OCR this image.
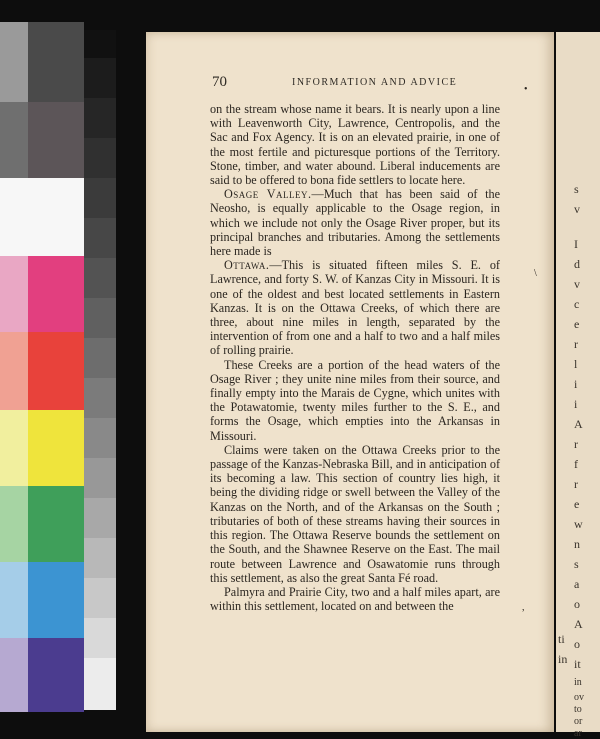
70	INFORMATION AND ADVICE

on the stream whose name it bears. It is nearly upon a line with Leavenworth City, Lawrence, Centropolis, and the Sac and Fox Agency. It is on an elevated prairie, in one of the most fertile and picturesque portions of the Territory. Stone, timber, and water abound. Liberal inducements are said to be offered to bona fide settlers to locate here.

Osage Valley.—Much that has been said of the Neosho, is equally applicable to the Osage region, in which we include not only the Osage River proper, but its principal branches and tributaries. Among the settlements here made is

Ottawa.—This is situated fifteen miles S. E. of Lawrence, and forty S. W. of Kanzas City in Missouri. It is one of the oldest and best located settlements in Eastern Kanzas. It is on the Ottawa Creeks, of which there are three, about nine miles in length, separated by the intervention of from one and a half to two and a half miles of rolling prairie.

These Creeks are a portion of the head waters of the Osage River ; they unite nine miles from their source, and finally empty into the Marais de Cygne, which unites with the Potawatomie, twenty miles further to the S. E., and forms the Osage, which empties into the Arkansas in Missouri.

Claims were taken on the Ottawa Creeks prior to the passage of the Kanzas-Nebraska Bill, and in anticipation of its becoming a law. This section of country lies high, it being the dividing ridge or swell between the Valley of the Kanzas on the North, and of the Arkansas on the South ; tributaries of both of these streams having their sources in this region. The Ottawa Reserve bounds the settlement on the South, and the Shawnee Reserve on the East. The mail route between Lawrence and Osawatomie runs through this settlement, as also the great Santa Fé road.

Palmyra and Prairie City, two and a half miles apart, are within this settlement, located on and between the

•
\
,
s
v
I
d
v
c
e
r
l
i
i
A
r
f
r
e
w
n
s
a
o
A
o
it
in
ov
to
or
ar
ti
in
